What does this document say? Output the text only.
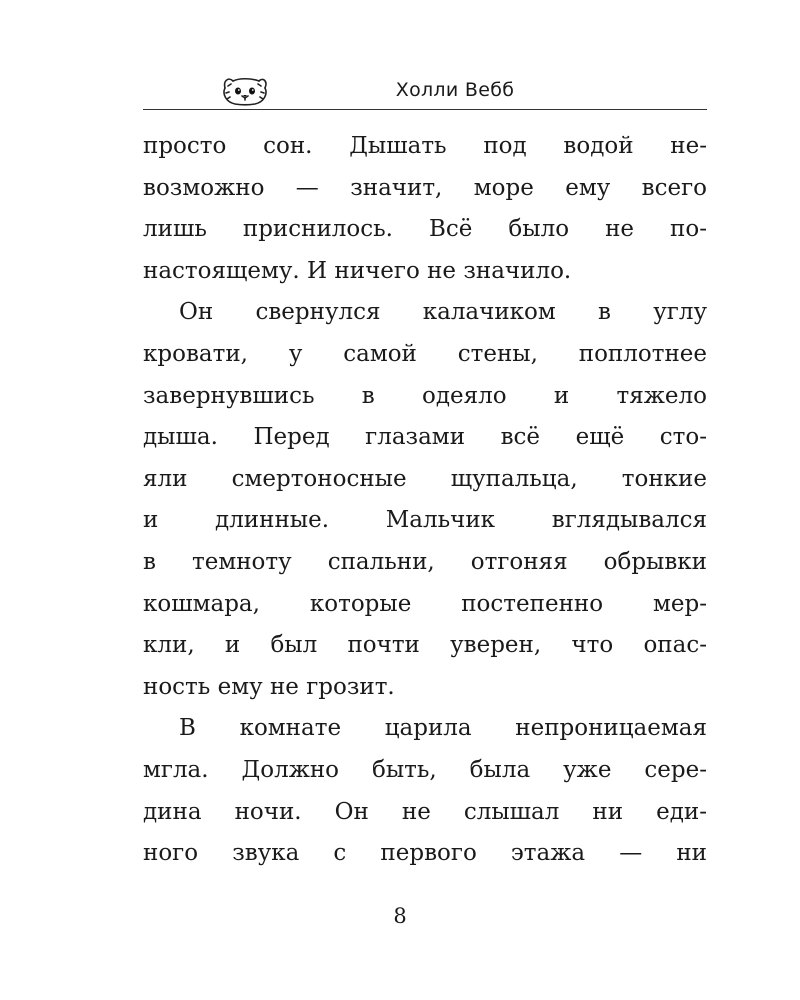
Холли Вебб
просто сон. Дышать под водой не-
возможно — значит, море ему всего
лишь приснилось. Всё было не по-
настоящему. И ничего не значило.
Он свернулся калачиком в углу
кровати, у самой стены, поплотнее
завернувшись в одеяло и тяжело
дыша. Перед глазами всё ещё сто-
яли смертоносные щупальца, тонкие
и длинные. Мальчик вглядывался
в темноту спальни, отгоняя обрывки
кошмара, которые постепенно мер-
кли, и был почти уверен, что опас-
ность ему не грозит.
В комнате царила непроницаемая
мгла. Должно быть, была уже сере-
дина ночи. Он не слышал ни еди-
ного звука с первого этажа — ни
8
